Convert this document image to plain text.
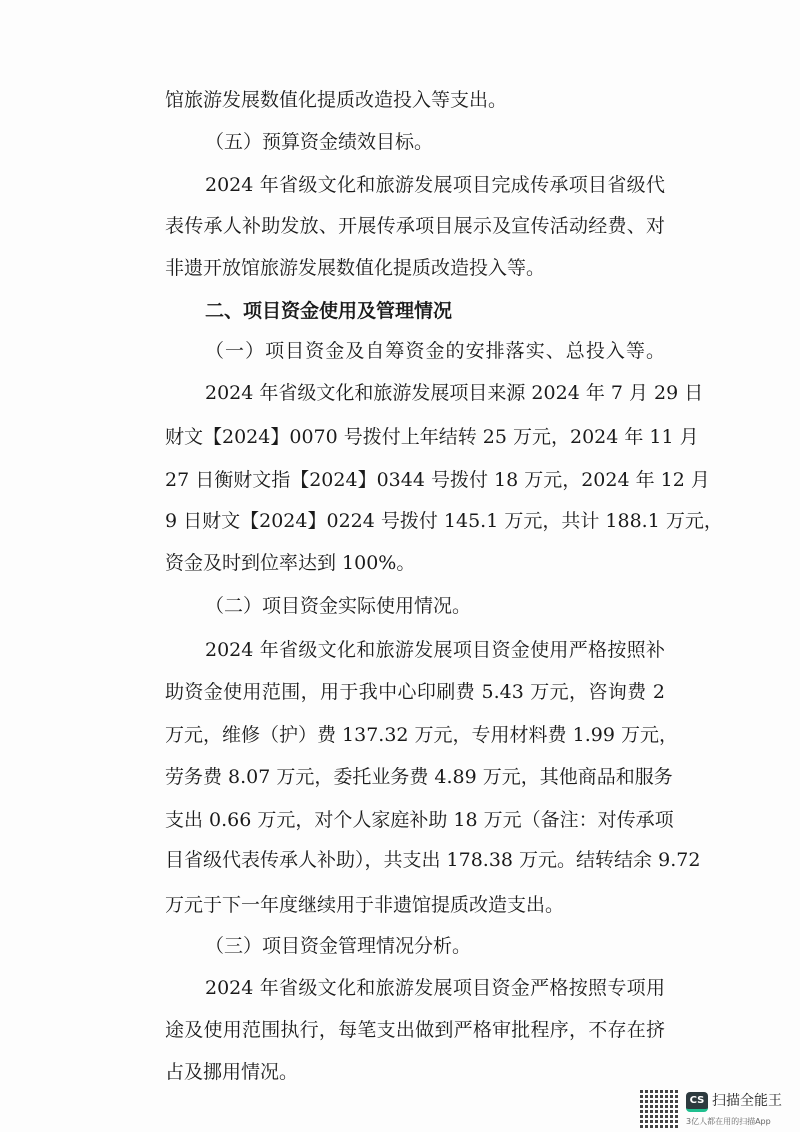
馆旅游发展数值化提质改造投入等支出。
（五）预算资金绩效目标。
2024 年省级文化和旅游发展项目完成传承项目省级代
表传承人补助发放、开展传承项目展示及宣传活动经费、对
非遗开放馆旅游发展数值化提质改造投入等。
二、项目资金使用及管理情况
（一）项目资金及自筹资金的安排落实、总投入等。
2024 年省级文化和旅游发展项目来源 2024 年 7 月 29 日
财文【2024】0070 号拨付上年结转 25 万元，2024 年 11 月
27 日衡财文指【2024】0344 号拨付 18 万元，2024 年 12 月
9 日财文【2024】0224 号拨付 145.1 万元，共计 188.1 万元，
资金及时到位率达到 100%。
（二）项目资金实际使用情况。
2024 年省级文化和旅游发展项目资金使用严格按照补
助资金使用范围，用于我中心印刷费 5.43 万元，咨询费 2
万元，维修（护）费 137.32 万元，专用材料费 1.99 万元，
劳务费 8.07 万元，委托业务费 4.89 万元，其他商品和服务
支出 0.66 万元，对个人家庭补助 18 万元（备注：对传承项
目省级代表传承人补助），共支出 178.38 万元。结转结余 9.72
万元于下一年度继续用于非遗馆提质改造支出。
（三）项目资金管理情况分析。
2024 年省级文化和旅游发展项目资金严格按照专项用
途及使用范围执行，每笔支出做到严格审批程序，不存在挤
占及挪用情况。
CS 扫描全能王
3亿人都在用的扫描App
